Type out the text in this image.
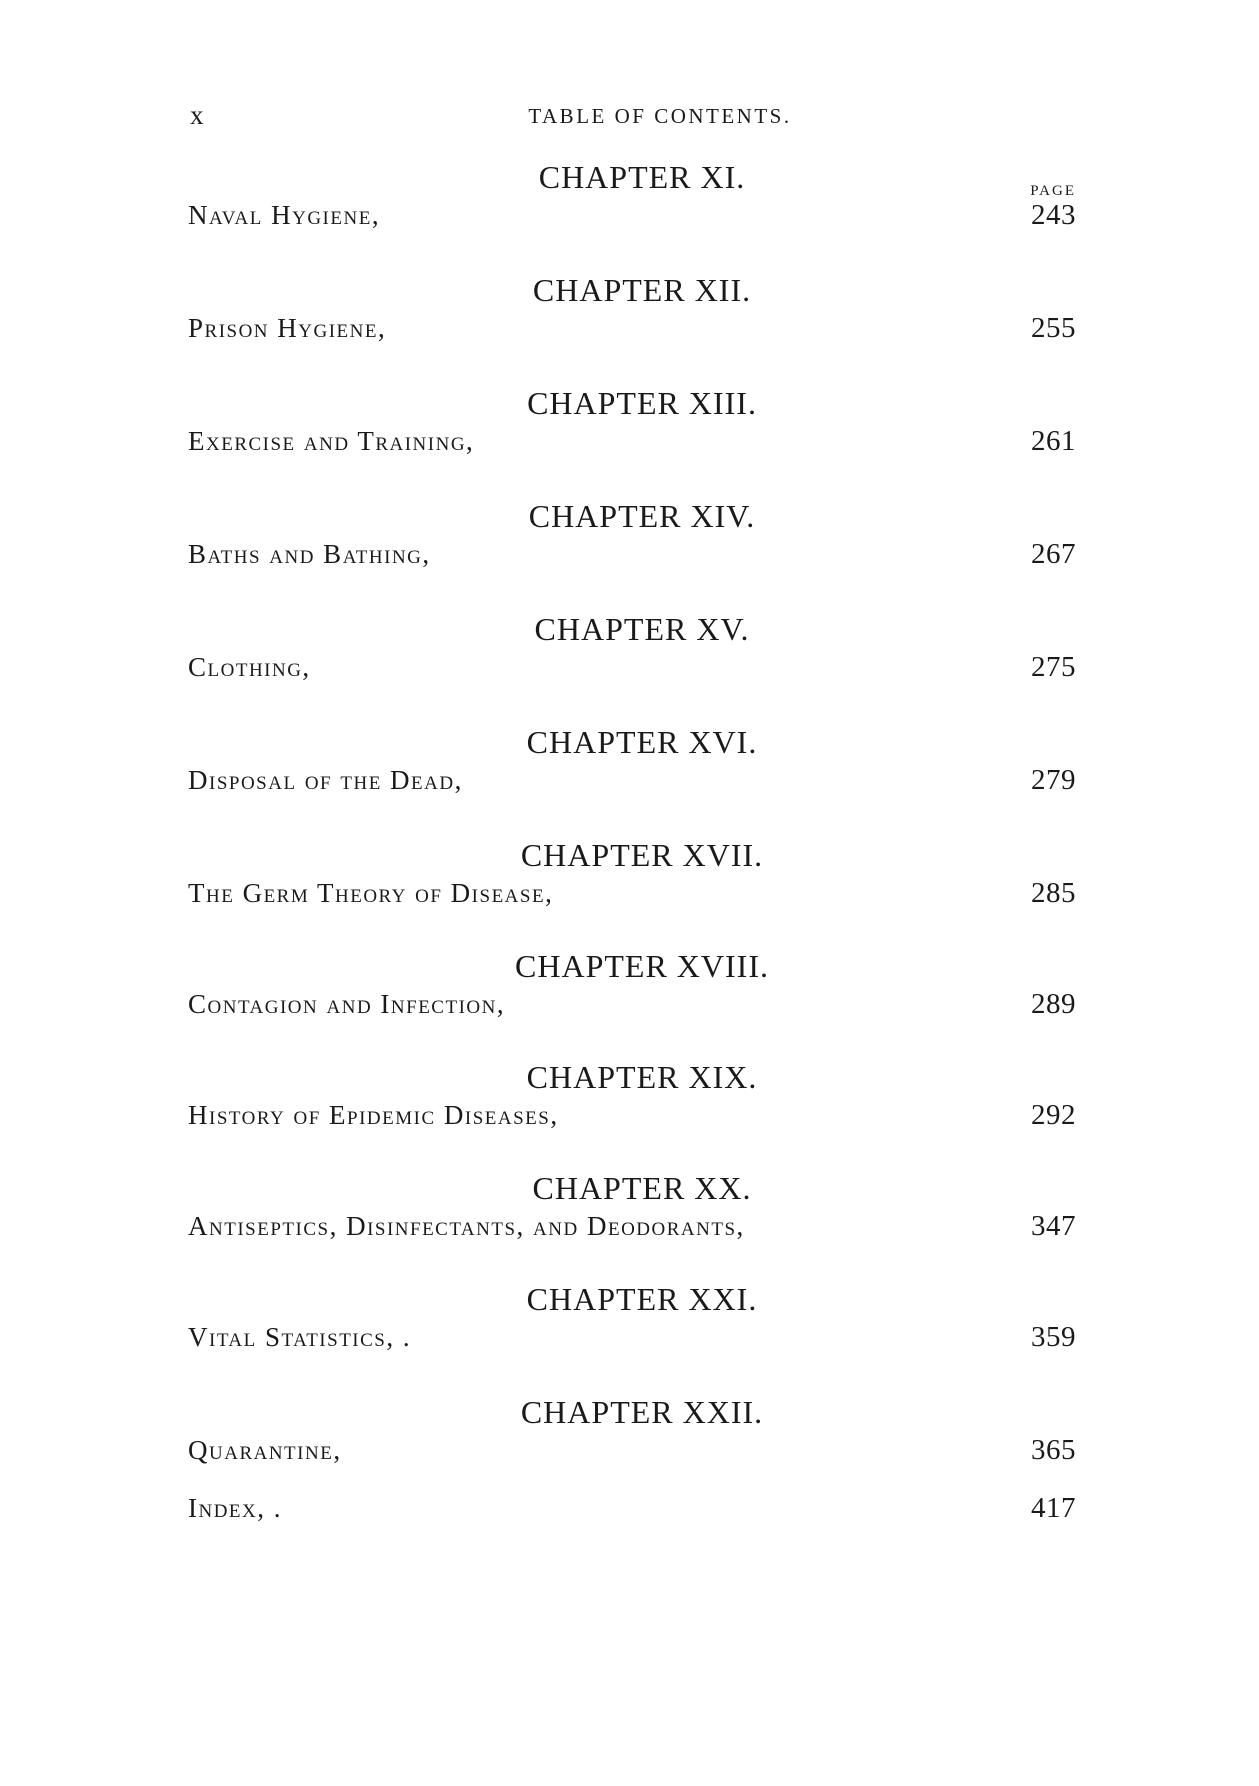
x	TABLE OF CONTENTS.
CHAPTER XI.	PAGE
Naval Hygiene,	243
CHAPTER XII.
Prison Hygiene,	255
CHAPTER XIII.
Exercise and Training,	261
CHAPTER XIV.
Baths and Bathing,	267
CHAPTER XV.
Clothing,	275
CHAPTER XVI.
Disposal of the Dead,	279
CHAPTER XVII.
The Germ Theory of Disease,	285
CHAPTER XVIII.
Contagion and Infection,	289
CHAPTER XIX.
History of Epidemic Diseases,	292
CHAPTER XX.
Antiseptics, Disinfectants, and Deodorants,	347
CHAPTER XXI.
Vital Statistics, .	359
CHAPTER XXII.
Quarantine,	365
Index, .	417
